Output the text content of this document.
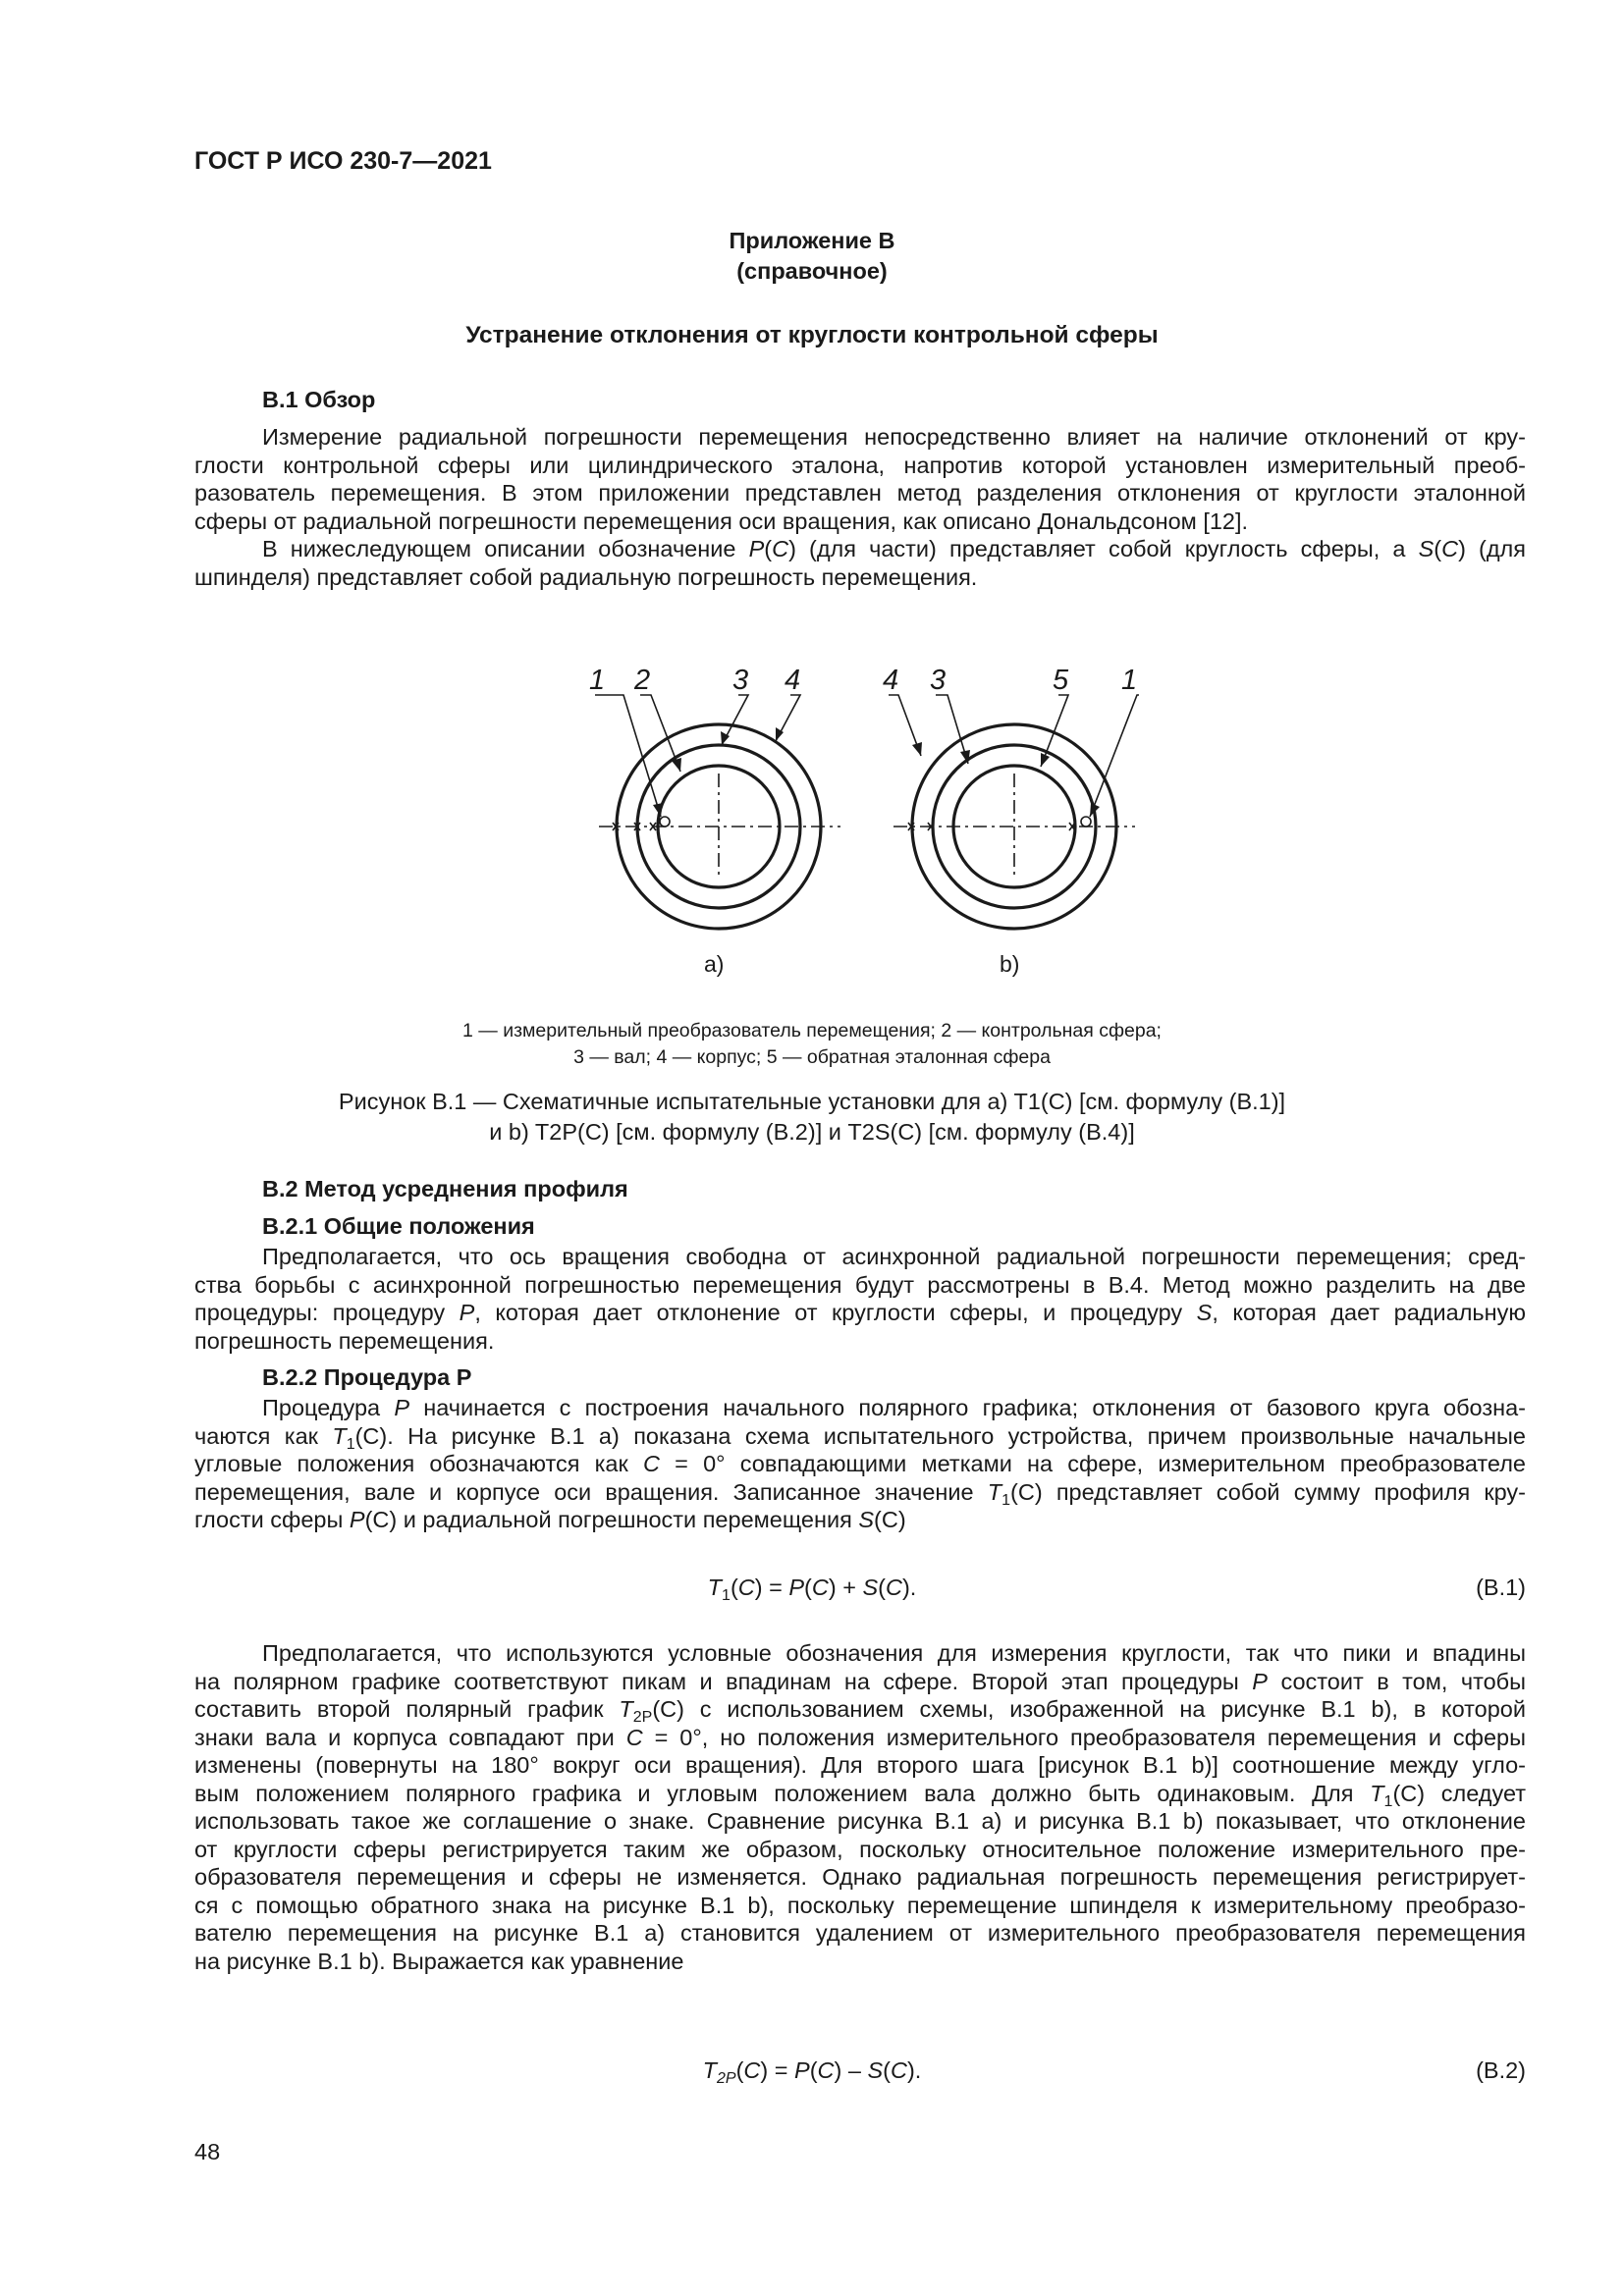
ГОСТ Р ИСО 230-7—2021

Приложение В
(справочное)
Устранение отклонения от круглости контрольной сферы

В.1 Обзор

Измерение радиальной погрешности перемещения непосредственно влияет на наличие отклонений от кру-
глости контрольной сферы или цилиндрического эталона, напротив которой установлен измерительный преоб-
разователь перемещения. В этом приложении представлен метод разделения отклонения от круглости эталонной
сферы от радиальной погрешности перемещения оси вращения, как описано Дональдсоном [12].
В нижеследующем описании обозначение P(C) (для части) представляет собой круглость сферы, а S(C) (для
шпинделя) представляет собой радиальную погрешность перемещения.
1 2	3 4	4 3	5 1
a)	b)
1 — измерительный преобразователь перемещения; 2 — контрольная сфера;
3 — вал; 4 — корпус; 5 — обратная эталонная сфера
Рисунок В.1 — Схематичные испытательные установки для a) T1(C) [см. формулу (В.1)]
и b) T2P(C) [см. формулу (В.2)] и T2S(C) [см. формулу (В.4)]

В.2 Метод усреднения профиля

В.2.1 Общие положения

Предполагается, что ось вращения свободна от асинхронной радиальной погрешности перемещения; сред-
ства борьбы с асинхронной погрешностью перемещения будут рассмотрены в В.4. Метод можно разделить на две
процедуры: процедуру P, которая дает отклонение от круглости сферы, и процедуру S, которая дает радиальную
погрешность перемещения.

В.2.2 Процедура P

Процедура P начинается с построения начального полярного графика; отклонения от базового круга обозна-
чаются как $T_1(C)$. На рисунке В.1 a) показана схема испытательного устройства, причем произвольные начальные
угловые положения обозначаются как C = 0° совпадающими метками на сфере, измерительном преобразователе
перемещения, вале и корпусе оси вращения. Записанное значение $T_1(C)$ представляет собой сумму профиля кру-
глости сферы P(C) и радиальной погрешности перемещения S(C)
$T_1(C) = P(C) + S(C)$.	(В.1)
Предполагается, что используются условные обозначения для измерения круглости, так что пики и впадины
на полярном графике соответствуют пикам и впадинам на сфере. Второй этап процедуры P состоит в том, чтобы
составить второй полярный график $T_{2P}(C)$ с использованием схемы, изображенной на рисунке В.1 b), в которой
знаки вала и корпуса совпадают при C = 0°, но положения измерительного преобразователя перемещения и сферы
изменены (повернуты на 180° вокруг оси вращения). Для второго шага [рисунок В.1 b)] соотношение между угло-
вым положением полярного графика и угловым положением вала должно быть одинаковым. Для $T_1(C)$ следует
использовать такое же соглашение о знаке. Сравнение рисунка В.1 a) и рисунка В.1 b) показывает, что отклонение
от круглости сферы регистрируется таким же образом, поскольку относительное положение измерительного пре-
образователя перемещения и сферы не изменяется. Однако радиальная погрешность перемещения регистрирует-
ся с помощью обратного знака на рисунке В.1 b), поскольку перемещение шпинделя к измерительному преобразо-
вателю перемещения на рисунке В.1 a) становится удалением от измерительного преобразователя перемещения
на рисунке В.1 b). Выражается как уравнение
$T_{2P}(C) = P(C) - S(C)$.	(В.2)
48
